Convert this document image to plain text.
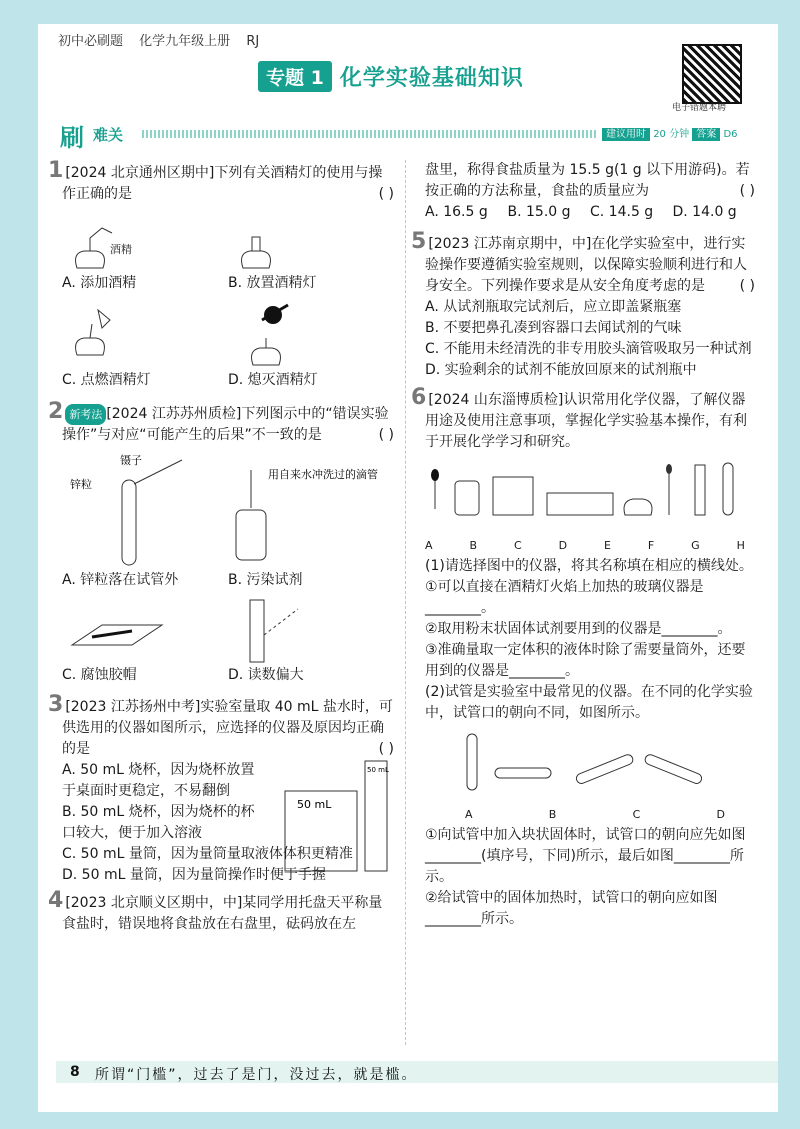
初中必刷题 化学九年级上册 RJ
专题 1 化学实验基础知识
电子错题本聘
刷 难关	建议用时 20 分钟 答案 D6
1 [2024 北京通州区期中]下列有关酒精灯的使用与操作正确的是	( )
酒精
A. 添加酒精	B. 放置酒精灯
C. 点燃酒精灯	D. 熄灭酒精灯
2 新考法 [2024 江苏苏州质检]下列图示中的“错误实验操作”与对应“可能产生的后果”不一致的是	( )
镊子
锌粒
用自来水冲洗过的滴管
A. 锌粒落在试管外	B. 污染试剂
C. 腐蚀胶帽	D. 读数偏大
3 [2023 江苏扬州中考]实验室量取 40 mL 盐水时，可供选用的仪器如图所示，应选择的仪器及原因均正确的是	( )
A. 50 mL 烧杯，因为烧杯放置于桌面时更稳定，不易翻倒
B. 50 mL 烧杯，因为烧杯的杯口较大，便于加入溶液
C. 50 mL 量筒，因为量筒量取液体体积更精准
D. 50 mL 量筒，因为量筒操作时便于手握
50 mL
50 mL
4 [2023 北京顺义区期中，中]某同学用托盘天平称量食盐时，错误地将食盐放在右盘里，砝码放在左
盘里，称得食盐质量为 15.5 g(1 g 以下用游码)。若按正确的方法称量，食盐的质量应为	( )
A. 16.5 g	B. 15.0 g	C. 14.5 g	D. 14.0 g
5 [2023 江苏南京期中，中]在化学实验室中，进行实验操作要遵循实验室规则，以保障实验顺利进行和人身安全。下列操作要求是从安全角度考虑的是 ( )
A. 从试剂瓶取完试剂后，应立即盖紧瓶塞
B. 不要把鼻孔凑到容器口去闻试剂的气味
C. 不能用未经清洗的非专用胶头滴管吸取另一种试剂
D. 实验剩余的试剂不能放回原来的试剂瓶中
6 [2024 山东淄博质检]认识常用化学仪器，了解仪器用途及使用注意事项，掌握化学实验基本操作，有利于开展化学学习和研究。
A	B	C	D	E	F	G	H
(1)请选择图中的仪器，将其名称填在相应的横线处。
①可以直接在酒精灯火焰上加热的玻璃仪器是________。
②取用粉末状固体试剂要用到的仪器是________。
③准确量取一定体积的液体时除了需要量筒外，还要用到的仪器是________。
(2)试管是实验室中最常见的仪器。在不同的化学实验中，试管口的朝向不同，如图所示。
A	B	C	D
①向试管中加入块状固体时，试管口的朝向应先如图________(填序号，下同)所示，最后如图________所示。
②给试管中的固体加热时，试管口的朝向应如图________所示。
8 所谓“门槛”，过去了是门，没过去，就是槛。
